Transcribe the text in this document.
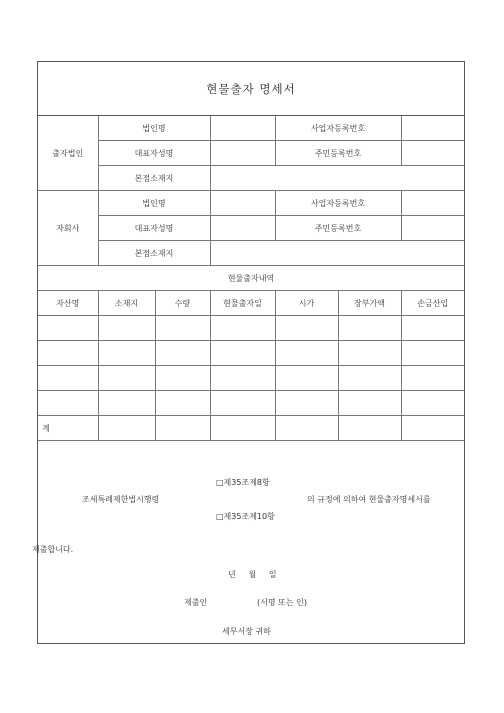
현물출자 명세서
출자법인	법인명			사업자등록번호		
	대표자성명			주민등록번호		
	본점소재지					
자회사	법인명			사업자등록번호		
	대표자성명			주민등록번호		
	본점소재지					
현물출자내역						
자산명	소재지	수량	현물출자일	시가	장부가액	손금산입

계						
□제35조제8항
조세특례제한법시행령	의 규정에 의하여 현물출자명세서를
□제35조제10항
제출합니다.
년     월     일
제출인	(서명 또는 인)
세무서장 귀하
